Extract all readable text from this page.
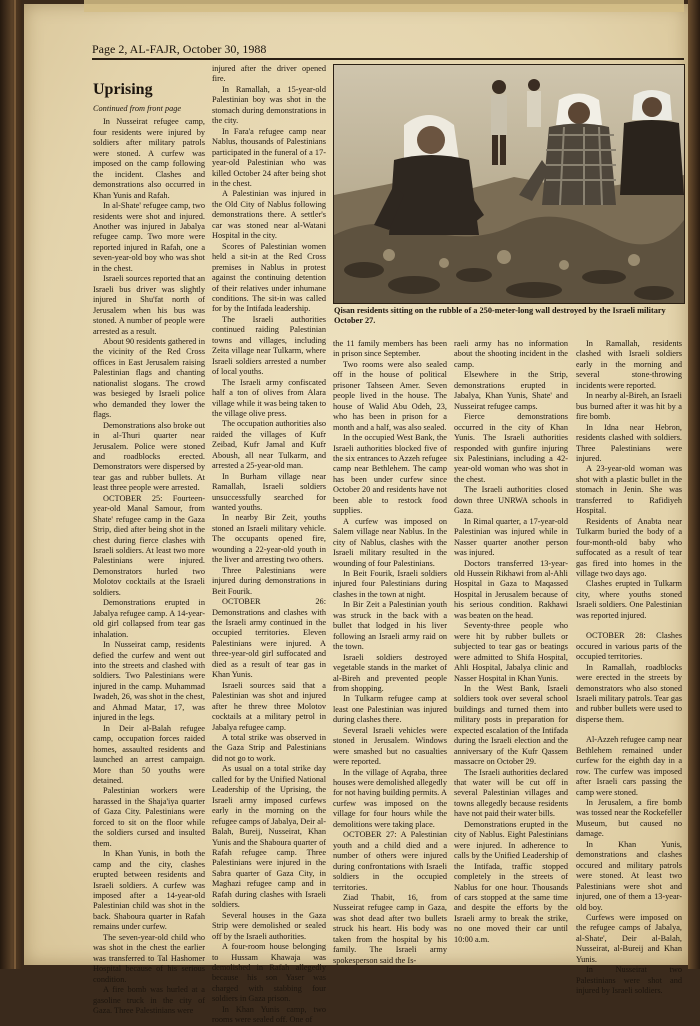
Page 2, AL-FAJR, October 30, 1988
Uprising
Continued from front page

In Nusseirat refugee camp, four residents were injured by soldiers after military patrols were stoned. A curfew was imposed on the camp following the incident. Clashes and demonstrations also occurred in Khan Yunis and Rafah.

In al-Shate' refugee camp, two residents were shot and injured. Another was injured in Jabalya refugee camp. Two more were reported injured in Rafah, one a seven-year-old boy who was shot in the chest.

Israeli sources reported that an Israeli bus driver was slightly injured in Shu'fat north of Jerusalem when his bus was stoned. A number of people were arrested as a result.

About 90 residents gathered in the vicinity of the Red Cross offices in East Jerusalem raising Palestinian flags and chanting nationalist slogans. The crowd was besieged by Israeli police who demanded they lower the flags.

Demonstrations also broke out in al-Thuri quarter near Jerusalem. Police were stoned and roadblocks erected. Demonstrators were dispersed by tear gas and rubber bullets. At least three people were arrested.

OCTOBER 25: Fourteen-year-old Manal Samour, from Shate' refugee camp in the Gaza Strip, died after being shot in the chest during fierce clashes with Israeli soldiers. At least two more Palestinians were injured. Demonstrators hurled two Molotov cocktails at the Israeli soldiers.

Demonstrations erupted in Jabalya refugee camp. A 14-year-old girl collapsed from tear gas inhalation.

In Nusseirat camp, residents defied the curfew and went out into the streets and clashed with soldiers. Two Palestinians were injured in the camp. Muhammad Iwadeh, 26, was shot in the chest, and Ahmad Matar, 17, was injured in the legs.

In Deir al-Balah refugee camp, occupation forces raided homes, assaulted residents and launched an arrest campaign. More than 50 youths were detained.

Palestinian workers were harassed in the Shaja'iya quarter of Gaza City. Palestinians were forced to sit on the floor while the soldiers cursed and insulted them.

In Khan Yunis, in both the camp and the city, clashes erupted between residents and Israeli soldiers. A curfew was imposed after a 14-year-old Palestinian child was shot in the back. Shaboura quarter in Rafah remains under curfew.

The seven-year-old child who was shot in the chest the earlier was transferred to Tal Hashomer Hospital because of his serious condition.

A fire bomb was hurled at a gasoline truck in the city of Gaza. Three Palestinians were

injured after the driver opened fire.

In Ramallah, a 15-year-old Palestinian boy was shot in the stomach during demonstrations in the city.

In Fara'a refugee camp near Nablus, thousands of Palestinians participated in the funeral of a 17-year-old Palestinian who was killed October 24 after being shot in the chest.

A Palestinian was injured in the Old City of Nablus following demonstrations there. A settler's car was stoned near al-Watani Hospital in the city.

Scores of Palestinian women held a sit-in at the Red Cross premises in Nablus in protest against the continuing detention of their relatives under inhumane conditions. The sit-in was called for by the Intifada leadership.

The Israeli authorities continued raiding Palestinian towns and villages, including Zeita village near Tulkarm, where Israeli soldiers arrested a number of local youths.

The Israeli army confiscated half a ton of olives from Alara village while it was being taken to the village olive press.

The occupation authorities also raided the villages of Kufr Zeibad, Kufr Jamal and Kufr Aboush, all near Tulkarm, and arrested a 25-year-old man.

In Burham village near Ramallah, Israeli soldiers unsuccessfully searched for wanted youths.

In nearby Bir Zeit, youths stoned an Israeli military vehicle. The occupants opened fire, wounding a 22-year-old youth in the liver and arresting two others.

Three Palestinians were injured during demonstrations in Beit Fourik.

OCTOBER 26: Demonstrations and clashes with the Israeli army continued in the occupied territories. Eleven Palestinians were injured. A three-year-old girl suffocated and died as a result of tear gas in Khan Yunis.

Israeli sources said that a Palestinian was shot and injured after he threw three Molotov cocktails at a military petrol in Jabalya refugee camp.

A total strike was observed in the Gaza Strip and Palestinians did not go to work.

As usual on a total strike day called for by the Unified National Leadership of the Uprising, the Israeli army imposed curfews early in the morning on the refugee camps of Jabalya, Deir al-Balah, Bureij, Nusseirat, Khan Yunis and the Shaboura quarter of Rafah refugee camp. Three Palestinians were injured in the Sabra quarter of Gaza City, in Maghazi refugee camp and in Rafah during clashes with Israeli soldiers.

Several houses in the Gaza Strip were demolished or sealed off by the Israeli authorities.

A four-room house belonging to Hussam Khawaja was demolished in Rafah allegedly because his son Yaser was charged with stabbing four soldiers in Gaza prison.

In Khan Yunis camp, two rooms were sealed off. One of

Qisan residents sitting on the rubble of a 250-meter-long wall destroyed by the Israeli military October 27.

the 11 family members has been in prison since September.

Two rooms were also sealed off in the house of political prisoner Tahseen Amer. Seven people lived in the house. The house of Walid Abu Odeh, 23, who has been in prison for a month and a half, was also sealed.

In the occupied West Bank, the Israeli authorities blocked five of the six entrances to Azzeh refugee camp near Bethlehem. The camp has been under curfew since October 20 and residents have not been able to restock food supplies.

A curfew was imposed on Salem village near Nablus. In the city of Nablus, clashes with the Israeli military resulted in the wounding of four Palestinians.

In Beit Fourik, Israeli soldiers injured four Palestinians during clashes in the town at night.

In Bir Zeit a Palestinian youth was struck in the back with a bullet that lodged in his liver following an Israeli army raid on the town.

Israeli soldiers destroyed vegetable stands in the market of al-Bireh and prevented people from shopping.

In Tulkarm refugee camp at least one Palestinian was injured during clashes there.

Several Israeli vehicles were stoned in Jerusalem. Windows were smashed but no casualties were reported.

In the village of Aqraba, three houses were demolished allegedly for not having building permits. A curfew was imposed on the village for four hours while the demolitions were taking place.

OCTOBER 27: A Palestinian youth and a child died and a number of others were injured during confrontations with Israeli soldiers in the occupied territories.

Ziad Thabit, 16, from Nusseirat refugee camp in Gaza, was shot dead after two bullets struck his heart. His body was taken from the hospital by his family. The Israeli army spokesperson said the Is-

raeli army has no information about the shooting incident in the camp.

Elsewhere in the Strip, demonstrations erupted in Jabalya, Khan Yunis, Shate' and Nusseirat refugee camps.

Fierce demonstrations occurred in the city of Khan Yunis. The Israeli authorities responded with gunfire injuring six Palestinians, including a 42-year-old woman who was shot in the chest.

The Israeli authorities closed down three UNRWA schools in Gaza.

In Rimal quarter, a 17-year-old Palestinian was injured while in Nasser quarter another person was injured.

Doctors transferred 13-year-old Hussein Rikhawi from al-Ahli Hospital in Gaza to Maqassed Hospital in Jerusalem because of his serious condition. Rakhawi was beaten on the head.

Seventy-three people who were hit by rubber bullets or subjected to tear gas or beatings were admitted to Shifa Hospital, Ahli Hospital, Jabalya clinic and Nasser Hospital in Khan Yunis.

In the West Bank, Israeli soldiers took over several school buildings and turned them into military posts in preparation for expected escalation of the Intifada during the Israeli election and the anniversary of the Kufr Qassem massacre on October 29.

The Israeli authorities declared that water will be cut off in several Palestinian villages and towns allegedly because residents have not paid their water bills.

Demonstrations erupted in the city of Nablus. Eight Palestinians were injured. In adherence to calls by the Unified Leadership of the Intifada, traffic stopped completely in the streets of Nablus for one hour. Thousands of cars stopped at the same time and despite the efforts by the Israeli army to break the strike, no one moved their car until 10:00 a.m.

In Ramallah, residents clashed with Israeli soldiers early in the morning and several stone-throwing incidents were reported.

In nearby al-Bireh, an Israeli bus burned after it was hit by a fire bomb.

In Idna near Hebron, residents clashed with soldiers. Three Palestinians were injured.

A 23-year-old woman was shot with a plastic bullet in the stomach in Jenin. She was transferred to Rafidiyeh Hospital.

Residents of Anabta near Tulkarm buried the body of a four-month-old baby who suffocated as a result of tear gas fired into homes in the village two days ago.

Clashes erupted in Tulkarm city, where youths stoned Israeli soldiers. One Palestinian was reported injured.

OCTOBER 28: Clashes occured in various parts of the occupied territories.

In Ramallah, roadblocks were erected in the streets by demonstrators who also stoned Israeli military patrols. Tear gas and rubber bullets were used to disperse them.

Al-Azzeh refugee camp near Bethlehem remained under curfew for the eighth day in a row. The curfew was imposed after Israeli cars passing the camp were stoned.

In Jerusalem, a fire bomb was tossed near the Rockefeller Museum, but caused no damage.

In Khan Yunis, demonstrations and clashes occured and military patrols were stoned. At least two Palestinians were shot and injured, one of them a 13-year-old boy.

Curfews were imposed on the refugee camps of Jabalya, al-Shate', Deir al-Balah, Nusseirat, al-Bureij and Khan Yunis.

In Nusseirat two Palestinians were shot and injured by Israeli soldiers.
